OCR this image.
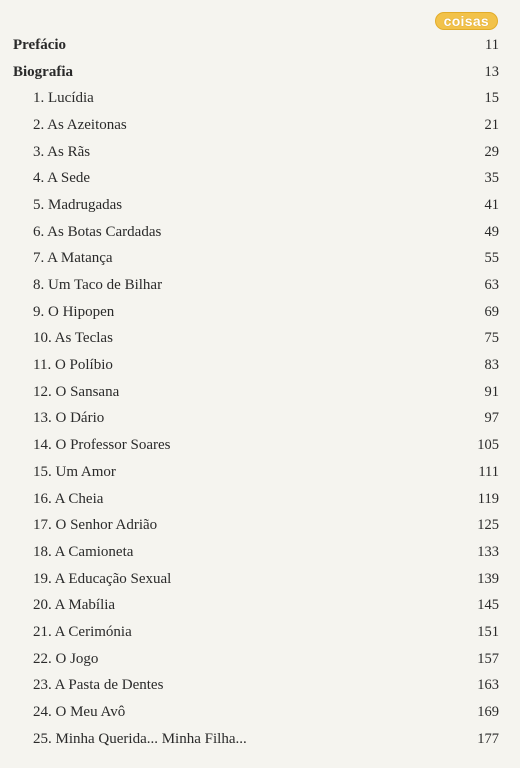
coisas
Prefácio	11
Biografia	13
1. Lucídia	15
2. As Azeitonas	21
3. As Rãs	29
4. A Sede	35
5. Madrugadas	41
6. As Botas Cardadas	49
7. A Matança	55
8. Um Taco de Bilhar	63
9. O Hipopen	69
10. As Teclas	75
11. O Políbio	83
12. O Sansana	91
13. O Dário	97
14. O Professor Soares	105
15. Um Amor	111
16. A Cheia	119
17. O Senhor Adrião	125
18. A Camioneta	133
19. A Educação Sexual	139
20. A Mabília	145
21. A Cerimónia	151
22. O Jogo	157
23. A Pasta de Dentes	163
24. O Meu Avô	169
25. Minha Querida... Minha Filha...	177
